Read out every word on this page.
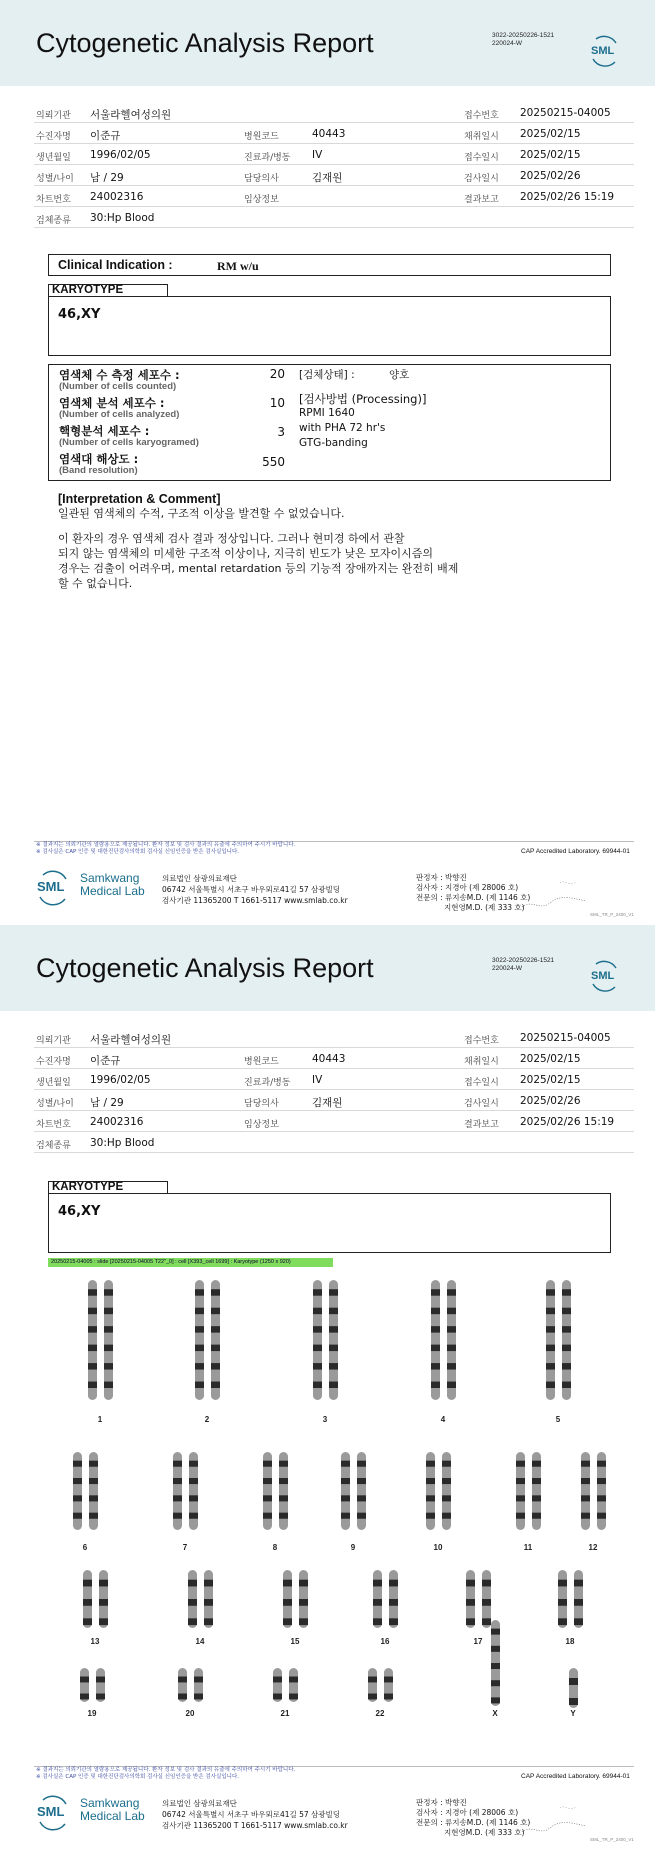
Cytogenetic Analysis Report	3022-20250226-1521
220024-W
SML
의뢰기관 서울라헬여성의원	접수번호 20250215-04005
수진자명 이준규	병원코드	40443	채취일시 2025/02/15
생년월일 1996/02/05	진료과/병동 IV	접수일시 2025/02/15
성별/나이 남 / 29	담당의사	김재원	검사일시 2025/02/26
차트번호 24002316	임상정보	결과보고 2025/02/26 15:19
검체종류 30:Hp Blood
Clinical Indication :	RM w/u
KARYOTYPE
46,XY
염색체 수 측정 세포수 :
(Number of cells counted)
20
염색체 분석 세포수 :
(Number of cells analyzed)
10
핵형분석 세포수 :
(Number of cells karyogramed)
3
염색대 해상도 :
(Band resolution)
550
[검체상태] :	양호
[검사방법 (Processing)]
RPMI 1640
with PHA 72 hr's
GTG-banding
[Interpretation & Comment]
일관된 염색체의 수적, 구조적 이상을 발견할 수 없었습니다.
이 환자의 경우 염색체 검사 결과 정상입니다. 그러나 현미경 하에서 관찰
되지 않는 염색체의 미세한 구조적 이상이나, 지극히 빈도가 낮은 모자이시즘의
경우는 검출이 어려우며, mental retardation 등의 기능적 장애까지는 완전히 배제
할 수 없습니다.
※ 결과지는 의뢰기관의 열람용으로 제공됩니다. 환자 정보 및 검사 결과의 유출에 주의하여 주시기 바랍니다.
※ 검사실은 CAP 인증 및 대한진단검사의학회 검사실 신임인증을 받은 검사실입니다.	CAP Accredited Laboratory. 69944-01
SML
Samkwang
Medical Lab
의료법인 삼광의료재단
06742 서울특별시 서초구 바우뫼로41길 57 삼광빌딩
검사기관 11365200 T 1661-5117 www.smlab.co.kr
판정자 : 박향진
검사자 : 지경아 (제 28006 호)
전문의 : 류지송M.D. (제 1146 호)
지현영M.D. (제 333 호)
SML_TR_P_2400_V1
Cytogenetic Analysis Report	3022-20250226-1521
220024-W
SML
의뢰기관 서울라헬여성의원	접수번호 20250215-04005
수진자명 이준규	병원코드	40443	채취일시 2025/02/15
생년월일 1996/02/05	진료과/병동 IV	접수일시 2025/02/15
성별/나이 남 / 29	담당의사	김재원	검사일시 2025/02/26
차트번호 24002316	임상정보	결과보고 2025/02/26 15:19
검체종류 30:Hp Blood
KARYOTYPE
46,XY
20250215-04005 : slide [20250215-04005 T22"_0] : cell [X393_cell 1699] : Karyotype (1250 x 920)
1	2	3	4	5
6	7	8	9	10	11	12
13	14	15	16	17	18
19	20	21	22	X	Y
※ 결과지는 의뢰기관의 열람용으로 제공됩니다. 환자 정보 및 검사 결과의 유출에 주의하여 주시기 바랍니다.
※ 검사실은 CAP 인증 및 대한진단검사의학회 검사실 신임인증을 받은 검사실입니다.	CAP Accredited Laboratory. 69944-01
SML
Samkwang
Medical Lab
의료법인 삼광의료재단
06742 서울특별시 서초구 바우뫼로41길 57 삼광빌딩
검사기관 11365200 T 1661-5117 www.smlab.co.kr
판정자 : 박향진
검사자 : 지경아 (제 28006 호)
전문의 : 류지송M.D. (제 1146 호)
지현영M.D. (제 333 호)
SML_TR_P_2400_V1
